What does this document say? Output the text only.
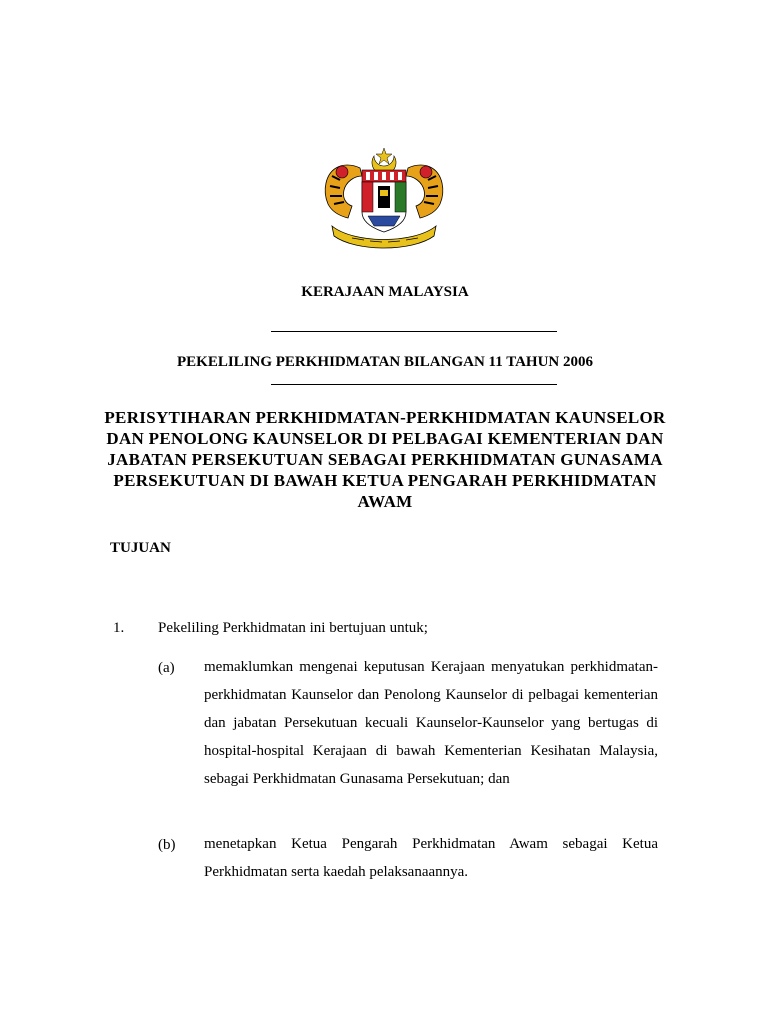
KERAJAAN MALAYSIA
PEKELILING PERKHIDMATAN BILANGAN 11 TAHUN 2006
PERISYTIHARAN PERKHIDMATAN-PERKHIDMATAN KAUNSELOR DAN PENOLONG KAUNSELOR DI PELBAGAI KEMENTERIAN DAN JABATAN PERSEKUTUAN SEBAGAI PERKHIDMATAN GUNASAMA PERSEKUTUAN DI BAWAH KETUA PENGARAH PERKHIDMATAN AWAM
TUJUAN
1. Pekeliling Perkhidmatan ini bertujuan untuk;
(a) memaklumkan mengenai keputusan Kerajaan menyatukan perkhidmatan-perkhidmatan Kaunselor dan Penolong Kaunselor di pelbagai kementerian dan jabatan Persekutuan kecuali Kaunselor-Kaunselor yang bertugas di hospital-hospital Kerajaan di bawah Kementerian Kesihatan Malaysia, sebagai Perkhidmatan Gunasama Persekutuan; dan
(b) menetapkan Ketua Pengarah Perkhidmatan Awam sebagai Ketua Perkhidmatan serta kaedah pelaksanaannya.
